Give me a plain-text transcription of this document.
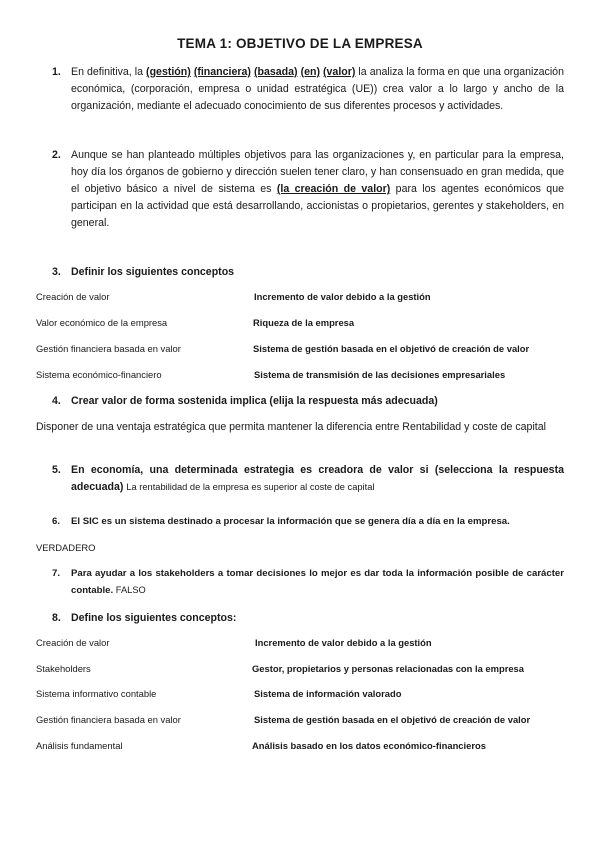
TEMA 1: OBJETIVO DE LA EMPRESA
1. En definitiva, la (gestión) (financiera) (basada) (en) (valor) la analiza la forma en que una organización económica, (corporación, empresa o unidad estratégica (UE)) crea valor a lo largo y ancho de la organización, mediante el adecuado conocimiento de sus diferentes procesos y actividades.
2. Aunque se han planteado múltiples objetivos para las organizaciones y, en particular para la empresa, hoy día los órganos de gobierno y dirección suelen tener claro, y han consensuado en gran medida, que el objetivo básico a nivel de sistema es (la creación de valor) para los agentes económicos que participan en la actividad que está desarrollando, accionistas o propietarios, gerentes y stakeholders, en general.
3. Definir los siguientes conceptos
Creación de valor	Incremento de valor debido a la gestión
Valor económico de la empresa	Riqueza de la empresa
Gestión financiera basada en valor	Sistema de gestión basada en el objetivó de creación de valor
Sistema económico-financiero	Sistema de transmisión de las decisiones empresariales
4. Crear valor de forma sostenida implica (elija la respuesta más adecuada)
Disponer de una ventaja estratégica que permita mantener la diferencia entre Rentabilidad y coste de capital
5. En economía, una determinada estrategia es creadora de valor si (selecciona la respuesta adecuada) La rentabilidad de la empresa es superior al coste de capital
6. El SIC es un sistema destinado a procesar la información que se genera día a día en la empresa.
VERDADERO
7. Para ayudar a los stakeholders a tomar decisiones lo mejor es dar toda la información posible de carácter contable. FALSO
8. Define los siguientes conceptos:
Creación de valor	Incremento de valor debido a la gestión
Stakeholders	Gestor, propietarios y personas relacionadas con la empresa
Sistema informativo contable	Sistema de información valorado
Gestión financiera basada en valor	Sistema de gestión basada en el objetivó de creación de valor
Análisis fundamental	Análisis basado en los datos económico-financieros
